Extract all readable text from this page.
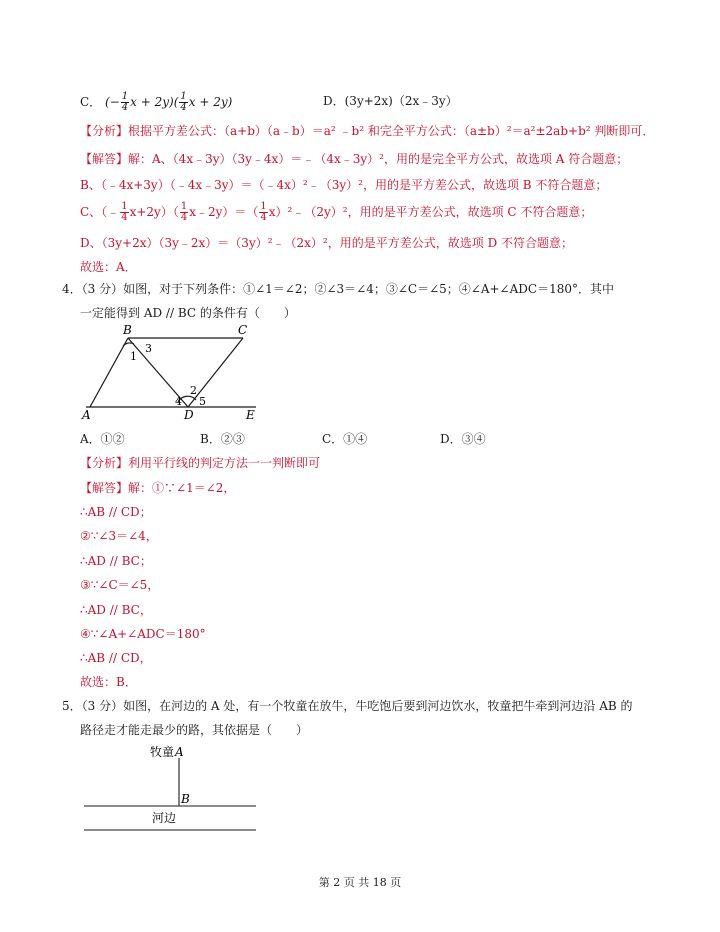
C． (− $\frac{1}{4}$ $x + 2y)( \frac{1}{4}$ x + 2y)	D．(3y+2x)（2x﹣3y）
【分析】根据平方差公式：（a+b）（a﹣b）＝a² ﹣b² 和完全平方公式：（a±b）²＝a²±2ab+b² 判断即可．
【解答】解：A、（4x﹣3y）（3y﹣4x）＝﹣（4x﹣3y）²，用的是完全平方公式，故选项 A 符合题意；
B、（﹣4x+3y）（﹣4x﹣3y）＝（﹣4x）²﹣（3y）²，用的是平方差公式，故选项 B 不符合题意；
C、（﹣ $\frac{1}{4} x+2y)( \frac{1}{4}$ x﹣2y）＝（ $\frac{1}{4}$ x）²﹣（2y）²，用的是平方差公式，故选项 C 不符合题意；
D、（3y+2x）（3y﹣2x）＝（3y）²﹣（2x）²，用的是平方差公式，故选项 D 不符合题意；
故选：A．
4．（3 分）如图，对于下列条件：①∠1＝∠2；②∠3＝∠4；③∠C＝∠5；④∠A+∠ADC＝180°．其中
一定能得到 AD // BC 的条件有（　　）
B	C
A	D	E
1
3
2
4 5
A．①②	B．②③	C．①④	D．③④
【分析】利用平行线的判定方法一一判断即可
【解答】解：①∵∠1＝∠2，
∴AB // CD；
②∵∠3＝∠4，
∴AD // BC；
③∵∠C＝∠5，
∴AD // BC，
④∵∠A+∠ADC＝180°
∴AB // CD，
故选：B．
5．（3 分）如图，在河边的 A 处，有一个牧童在放牛，牛吃饱后要到河边饮水，牧童把牛牵到河边沿 AB 的
路径走才能走最少的路，其依据是（　　）
牧童 A
B
河边
第 2 页 共 18 页
